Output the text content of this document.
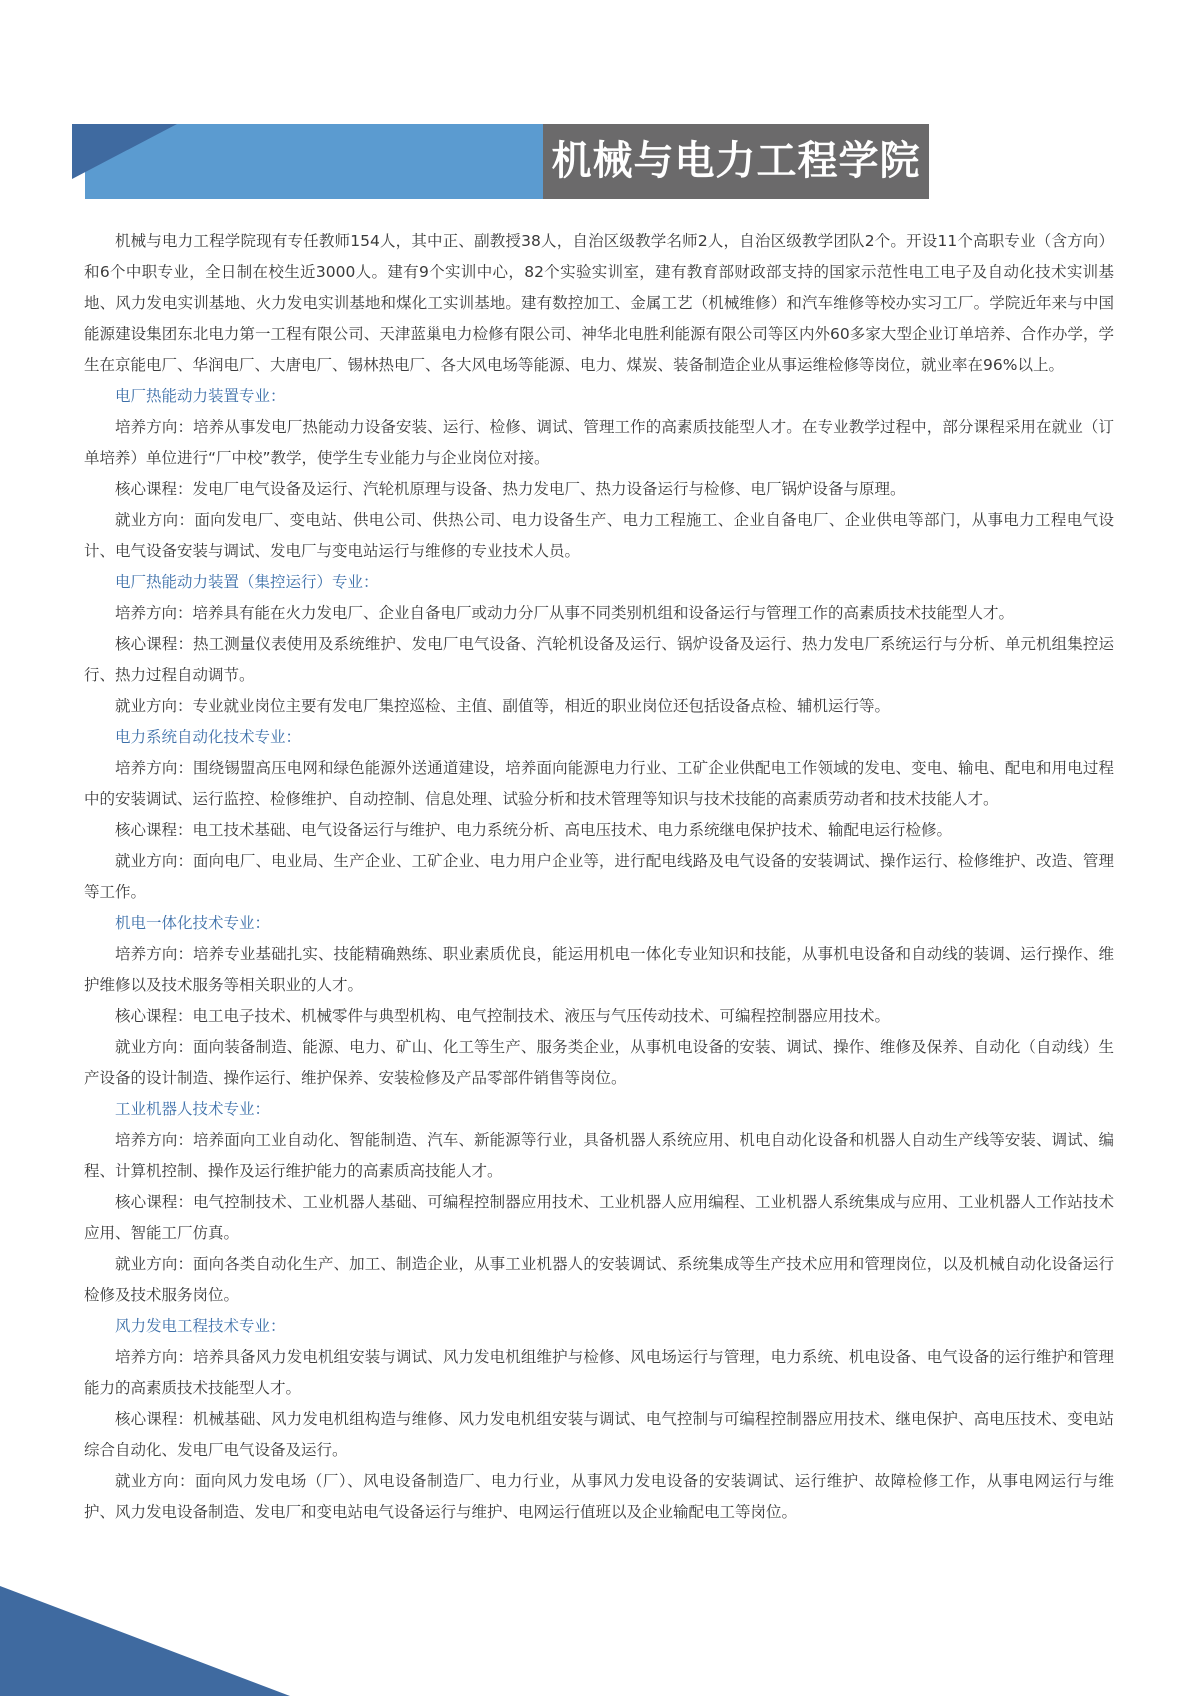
机械与电力工程学院

机械与电力工程学院现有专任教师154人，其中正、副教授38人，自治区级教学名师2人，自治区级教学团队2个。开设11个高职专业（含方向）和6个中职专业，全日制在校生近3000人。建有9个实训中心，82个实验实训室，建有教育部财政部支持的国家示范性电工电子及自动化技术实训基地、风力发电实训基地、火力发电实训基地和煤化工实训基地。建有数控加工、金属工艺（机械维修）和汽车维修等校办实习工厂。学院近年来与中国能源建设集团东北电力第一工程有限公司、天津蓝巢电力检修有限公司、神华北电胜利能源有限公司等区内外60多家大型企业订单培养、合作办学，学生在京能电厂、华润电厂、大唐电厂、锡林热电厂、各大风电场等能源、电力、煤炭、装备制造企业从事运维检修等岗位，就业率在96%以上。

电厂热能动力装置专业：

培养方向：培养从事发电厂热能动力设备安装、运行、检修、调试、管理工作的高素质技能型人才。在专业教学过程中，部分课程采用在就业（订单培养）单位进行“厂中校”教学，使学生专业能力与企业岗位对接。

核心课程：发电厂电气设备及运行、汽轮机原理与设备、热力发电厂、热力设备运行与检修、电厂锅炉设备与原理。

就业方向：面向发电厂、变电站、供电公司、供热公司、电力设备生产、电力工程施工、企业自备电厂、企业供电等部门，从事电力工程电气设计、电气设备安装与调试、发电厂与变电站运行与维修的专业技术人员。

电厂热能动力装置（集控运行）专业：

培养方向：培养具有能在火力发电厂、企业自备电厂或动力分厂从事不同类别机组和设备运行与管理工作的高素质技术技能型人才。

核心课程：热工测量仪表使用及系统维护、发电厂电气设备、汽轮机设备及运行、锅炉设备及运行、热力发电厂系统运行与分析、单元机组集控运行、热力过程自动调节。

就业方向：专业就业岗位主要有发电厂集控巡检、主值、副值等，相近的职业岗位还包括设备点检、辅机运行等。

电力系统自动化技术专业：

培养方向：围绕锡盟高压电网和绿色能源外送通道建设，培养面向能源电力行业、工矿企业供配电工作领域的发电、变电、输电、配电和用电过程中的安装调试、运行监控、检修维护、自动控制、信息处理、试验分析和技术管理等知识与技术技能的高素质劳动者和技术技能人才。

核心课程：电工技术基础、电气设备运行与维护、电力系统分析、高电压技术、电力系统继电保护技术、输配电运行检修。

就业方向：面向电厂、电业局、生产企业、工矿企业、电力用户企业等，进行配电线路及电气设备的安装调试、操作运行、检修维护、改造、管理等工作。

机电一体化技术专业：

培养方向：培养专业基础扎实、技能精确熟练、职业素质优良，能运用机电一体化专业知识和技能，从事机电设备和自动线的装调、运行操作、维护维修以及技术服务等相关职业的人才。

核心课程：电工电子技术、机械零件与典型机构、电气控制技术、液压与气压传动技术、可编程控制器应用技术。

就业方向：面向装备制造、能源、电力、矿山、化工等生产、服务类企业，从事机电设备的安装、调试、操作、维修及保养、自动化（自动线）生产设备的设计制造、操作运行、维护保养、安装检修及产品零部件销售等岗位。

工业机器人技术专业：

培养方向：培养面向工业自动化、智能制造、汽车、新能源等行业，具备机器人系统应用、机电自动化设备和机器人自动生产线等安装、调试、编程、计算机控制、操作及运行维护能力的高素质高技能人才。

核心课程：电气控制技术、工业机器人基础、可编程控制器应用技术、工业机器人应用编程、工业机器人系统集成与应用、工业机器人工作站技术应用、智能工厂仿真。

就业方向：面向各类自动化生产、加工、制造企业，从事工业机器人的安装调试、系统集成等生产技术应用和管理岗位，以及机械自动化设备运行检修及技术服务岗位。

风力发电工程技术专业：

培养方向：培养具备风力发电机组安装与调试、风力发电机组维护与检修、风电场运行与管理，电力系统、机电设备、电气设备的运行维护和管理能力的高素质技术技能型人才。

核心课程：机械基础、风力发电机组构造与维修、风力发电机组安装与调试、电气控制与可编程控制器应用技术、继电保护、高电压技术、变电站综合自动化、发电厂电气设备及运行。

就业方向：面向风力发电场（厂）、风电设备制造厂、电力行业，从事风力发电设备的安装调试、运行维护、故障检修工作，从事电网运行与维护、风力发电设备制造、发电厂和变电站电气设备运行与维护、电网运行值班以及企业输配电工等岗位。
